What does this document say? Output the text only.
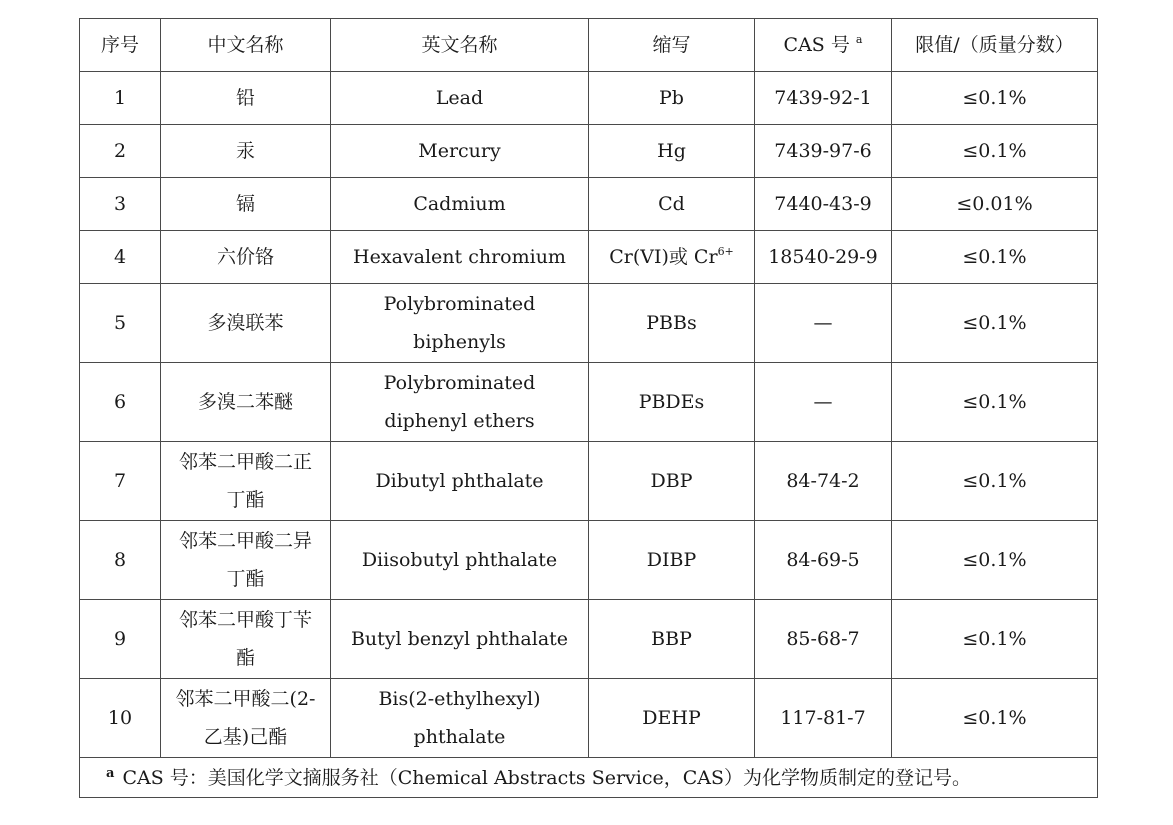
序号	中文名称	英文名称	缩写	CAS 号 $^a$	限值/（质量分数）
1	铅	Lead	Pb	7439-92-1	≤0.1%
2	汞	Mercury	Hg	7439-97-6	≤0.1%
3	镉	Cadmium	Cd	7440-43-9	≤0.01%
4	六价铬	Hexavalent chromium	Cr(VI)或 $Cr^{6+}$	18540-29-9	≤0.1%
5	多溴联苯	Polybrominated biphenyls	PBBs	—	≤0.1%
6	多溴二苯醚	Polybrominated diphenyl ethers	PBDEs	—	≤0.1%
7	邻苯二甲酸二正丁酯	Dibutyl phthalate	DBP	84-74-2	≤0.1%
8	邻苯二甲酸二异丁酯	Diisobutyl phthalate	DIBP	84-69-5	≤0.1%
9	邻苯二甲酸丁苄酯	Butyl benzyl phthalate	BBP	85-68-7	≤0.1%
10	邻苯二甲酸二(2-乙基)己酯	Bis(2-ethylhexyl) phthalate	DEHP	117-81-7	≤0.1%
$^a$ CAS 号：美国化学文摘服务社（Chemical Abstracts Service，CAS）为化学物质制定的登记号。					
